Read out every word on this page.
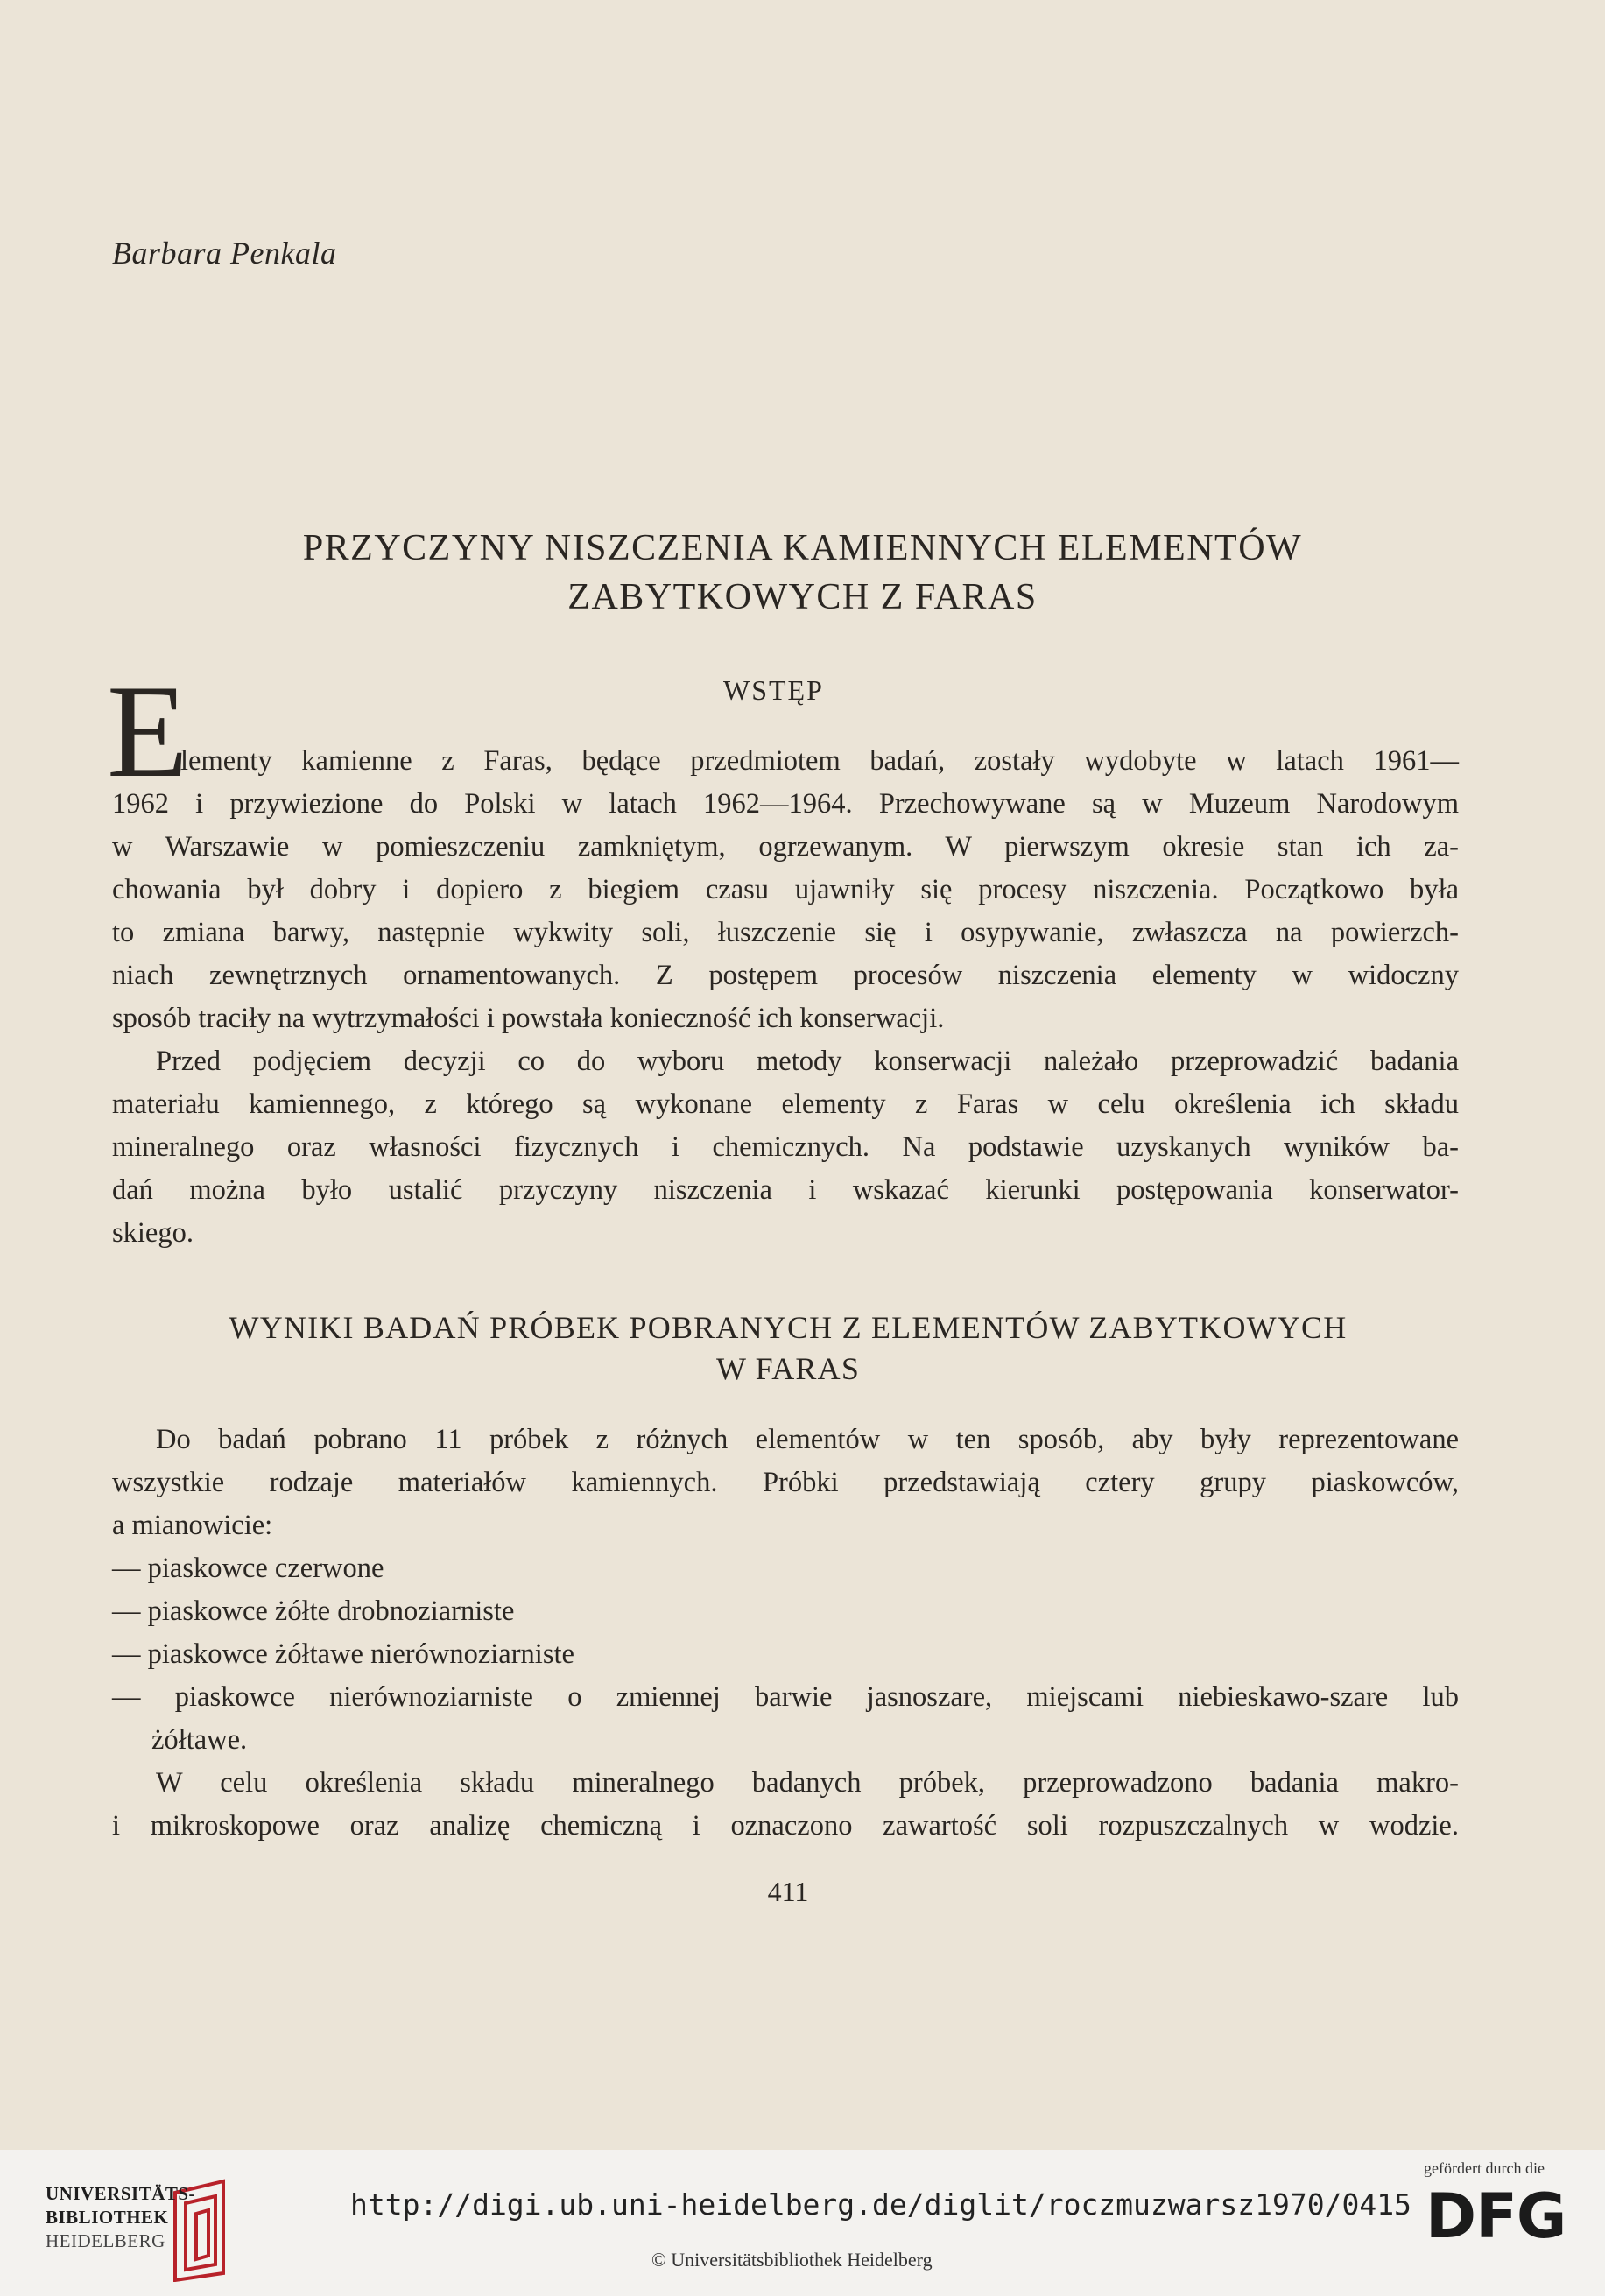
Barbara Penkala
PRZYCZYNY NISZCZENIA KAMIENNYCH ELEMENTÓW
ZABYTKOWYCH Z FARAS
E	WSTĘP
lementy kamienne z Faras, będące przedmiotem badań, zostały wydobyte w latach 1961—
1962 i przywiezione do Polski w latach 1962—1964. Przechowywane są w Muzeum Narodowym
w Warszawie w pomieszczeniu zamkniętym, ogrzewanym. W pierwszym okresie stan ich za-
chowania był dobry i dopiero z biegiem czasu ujawniły się procesy niszczenia. Początkowo była
to zmiana barwy, następnie wykwity soli, łuszczenie się i osypywanie, zwłaszcza na powierzch-
niach zewnętrznych ornamentowanych. Z postępem procesów niszczenia elementy w widoczny
sposób traciły na wytrzymałości i powstała konieczność ich konserwacji.
Przed podjęciem decyzji co do wyboru metody konserwacji należało przeprowadzić badania
materiału kamiennego, z którego są wykonane elementy z Faras w celu określenia ich składu
mineralnego oraz własności fizycznych i chemicznych. Na podstawie uzyskanych wyników ba-
dań można było ustalić przyczyny niszczenia i wskazać kierunki postępowania konserwator-
skiego.
WYNIKI BADAŃ PRÓBEK POBRANYCH Z ELEMENTÓW ZABYTKOWYCH
W FARAS
Do badań pobrano 11 próbek z różnych elementów w ten sposób, aby były reprezentowane
wszystkie rodzaje materiałów kamiennych. Próbki przedstawiają cztery grupy piaskowców,
a mianowicie:
— piaskowce czerwone
— piaskowce żółte drobnoziarniste
— piaskowce żółtawe nierównoziarniste
— piaskowce nierównoziarniste o zmiennej barwie jasnoszare, miejscami niebieskawo-szare lub
żółtawe.
W celu określenia składu mineralnego badanych próbek, przeprowadzono badania makro-
i mikroskopowe oraz analizę chemiczną i oznaczono zawartość soli rozpuszczalnych w wodzie.
411
UNIVERSITÄTS-
BIBLIOTHEK
HEIDELBERG
http://digi.ub.uni-heidelberg.de/diglit/roczmuzwarsz1970/0415
© Universitätsbibliothek Heidelberg
gefördert durch die
DFG
